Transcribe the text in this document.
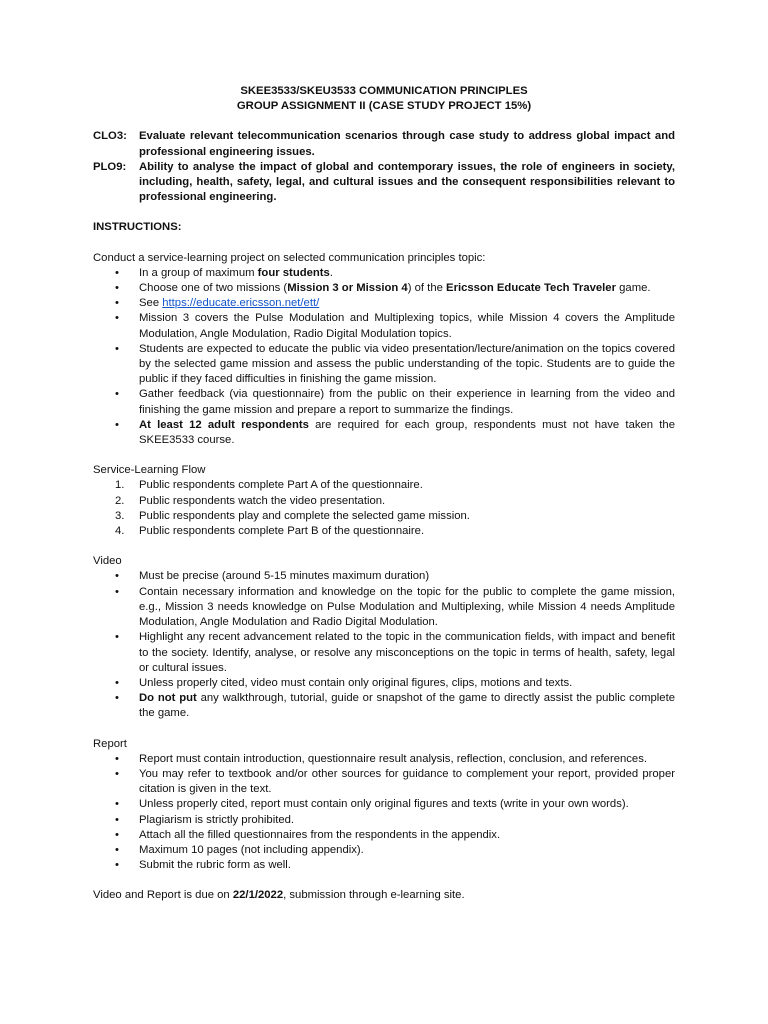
SKEE3533/SKEU3533 COMMUNICATION PRINCIPLES

GROUP ASSIGNMENT II (CASE STUDY PROJECT 15%)

CLO3:	Evaluate relevant telecommunication scenarios through case study to address global impact and professional engineering issues.
PLO9:	Ability to analyse the impact of global and contemporary issues, the role of engineers in society, including, health, safety, legal, and cultural issues and the consequent responsibilities relevant to professional engineering.
INSTRUCTIONS:
Conduct a service-learning project on selected communication principles topic:
•	In a group of maximum four students.
•	Choose one of two missions (Mission 3 or Mission 4) of the Ericsson Educate Tech Traveler game.
•	See https://educate.ericsson.net/ett/
•	Mission 3 covers the Pulse Modulation and Multiplexing topics, while Mission 4 covers the Amplitude Modulation, Angle Modulation, Radio Digital Modulation topics.
•	Students are expected to educate the public via video presentation/lecture/animation on the topics covered by the selected game mission and assess the public understanding of the topic. Students are to guide the public if they faced difficulties in finishing the game mission.
•	Gather feedback (via questionnaire) from the public on their experience in learning from the video and finishing the game mission and prepare a report to summarize the findings.
•	At least 12 adult respondents are required for each group, respondents must not have taken the SKEE3533 course.
Service-Learning Flow
1.	Public respondents complete Part A of the questionnaire.
2.	Public respondents watch the video presentation.
3.	Public respondents play and complete the selected game mission.
4.	Public respondents complete Part B of the questionnaire.
Video
•	Must be precise (around 5-15 minutes maximum duration)
•	Contain necessary information and knowledge on the topic for the public to complete the game mission, e.g., Mission 3 needs knowledge on Pulse Modulation and Multiplexing, while Mission 4 needs Amplitude Modulation, Angle Modulation and Radio Digital Modulation.
•	Highlight any recent advancement related to the topic in the communication fields, with impact and benefit to the society. Identify, analyse, or resolve any misconceptions on the topic in terms of health, safety, legal or cultural issues.
•	Unless properly cited, video must contain only original figures, clips, motions and texts.
•	Do not put any walkthrough, tutorial, guide or snapshot of the game to directly assist the public complete the game.
Report
•	Report must contain introduction, questionnaire result analysis, reflection, conclusion, and references.
•	You may refer to textbook and/or other sources for guidance to complement your report, provided proper citation is given in the text.
•	Unless properly cited, report must contain only original figures and texts (write in your own words).
•	Plagiarism is strictly prohibited.
•	Attach all the filled questionnaires from the respondents in the appendix.
•	Maximum 10 pages (not including appendix).
•	Submit the rubric form as well.
Video and Report is due on 22/1/2022, submission through e-learning site.
